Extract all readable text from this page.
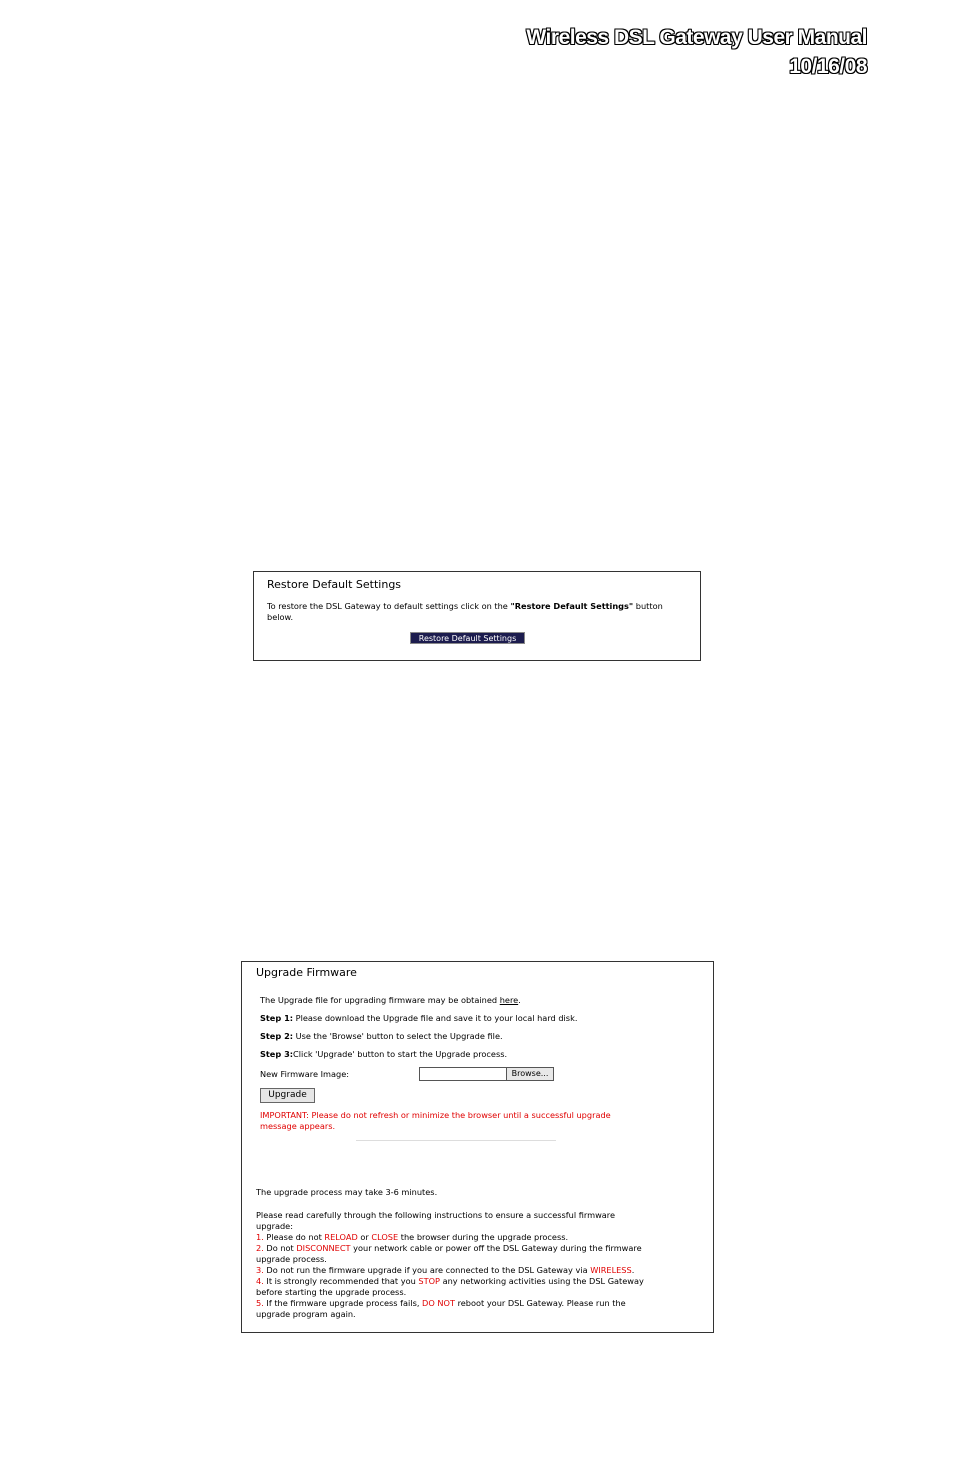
Wireless DSL Gateway User Manual
10/16/08
Restore Default Settings
To restore the DSL Gateway to default settings click on the "Restore Default Settings" button
below.
Restore Default Settings
Upgrade Firmware
The Upgrade file for upgrading firmware may be obtained here.
Step 1: Please download the Upgrade file and save it to your local hard disk.
Step 2: Use the 'Browse' button to select the Upgrade file.
Step 3:Click 'Upgrade' button to start the Upgrade process.
New Firmware Image:	Browse...
Upgrade
IMPORTANT: Please do not refresh or minimize the browser until a successful upgrade
message appears.
The upgrade process may take 3-6 minutes.
Please read carefully through the following instructions to ensure a successful firmware
upgrade:
1. Please do not RELOAD or CLOSE the browser during the upgrade process.
2. Do not DISCONNECT your network cable or power off the DSL Gateway during the firmware
upgrade process.
3. Do not run the firmware upgrade if you are connected to the DSL Gateway via WIRELESS.
4. It is strongly recommended that you STOP any networking activities using the DSL Gateway
before starting the upgrade process.
5. If the firmware upgrade process fails, DO NOT reboot your DSL Gateway. Please run the
upgrade program again.
